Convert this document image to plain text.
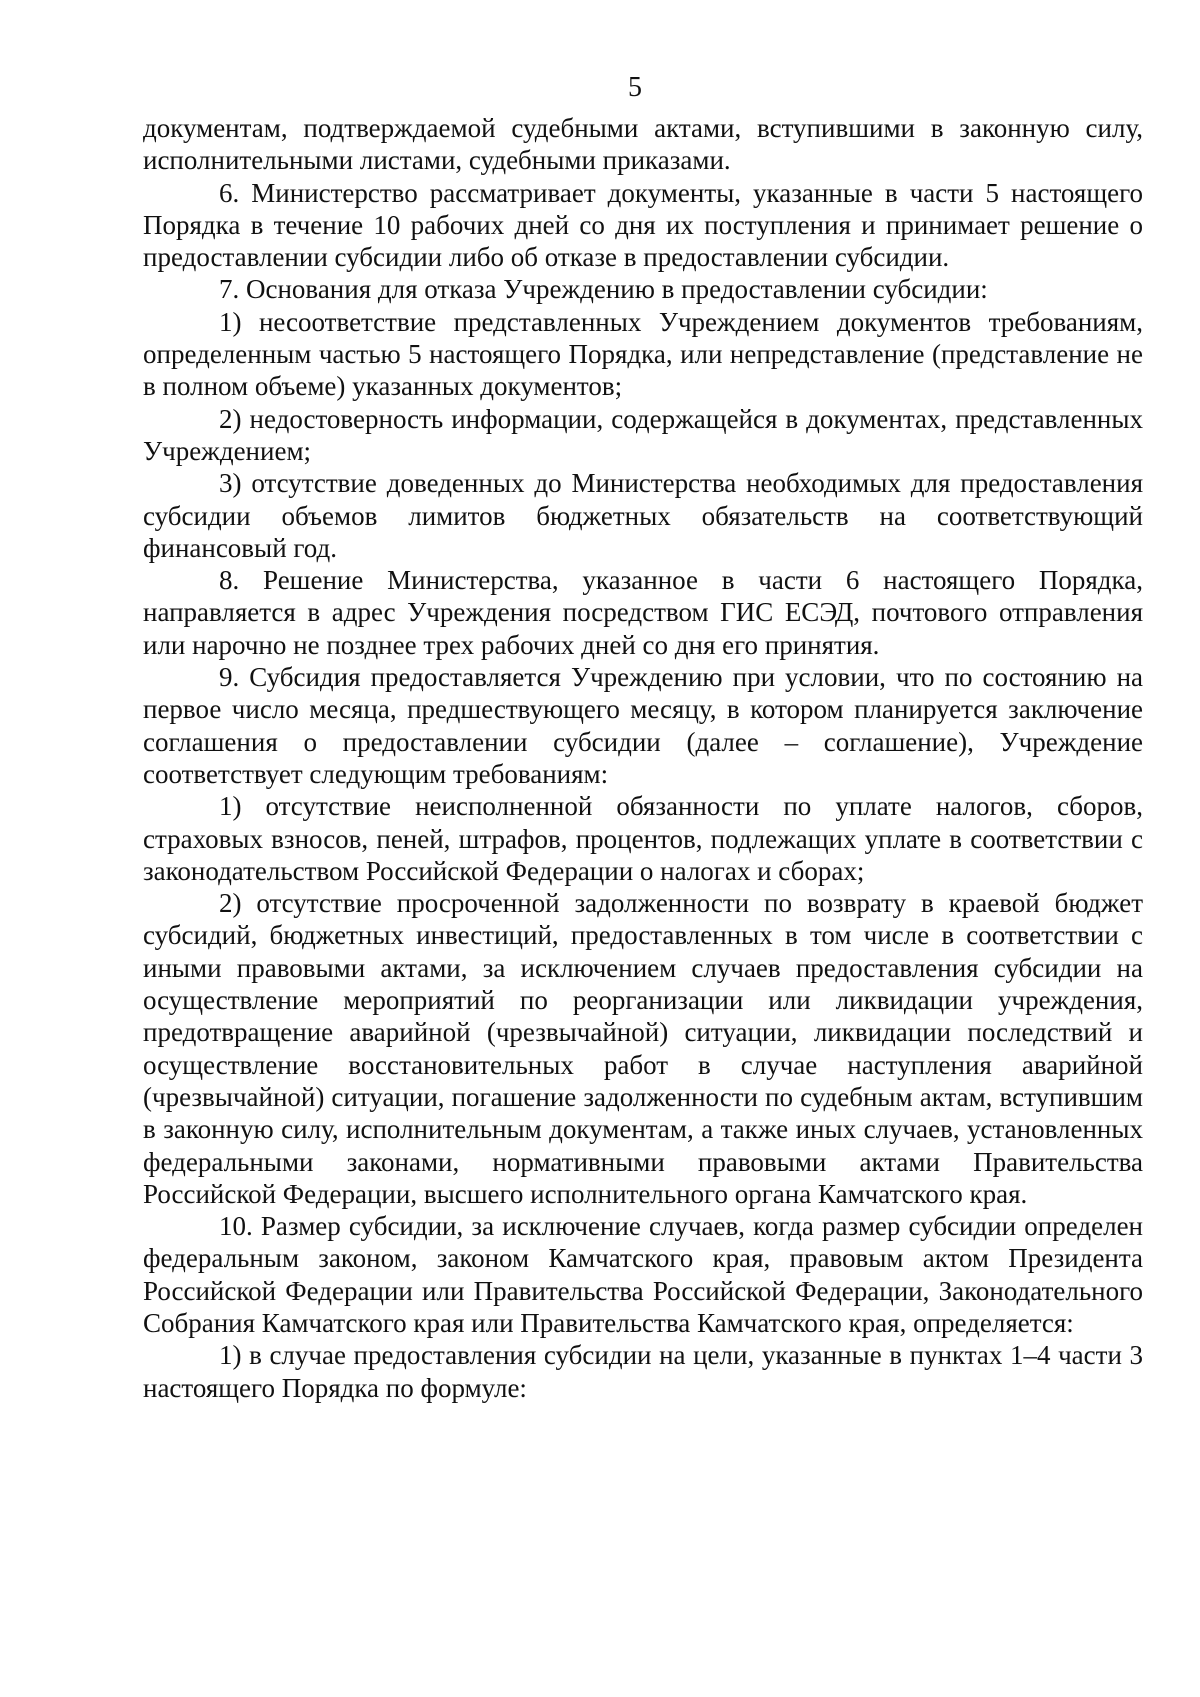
5

документам, подтверждаемой судебными актами, вступившими в законную силу, исполнительными листами, судебными приказами.

6. Министерство рассматривает документы, указанные в части 5 настоящего Порядка в течение 10 рабочих дней со дня их поступления и принимает решение о предоставлении субсидии либо об отказе в предоставлении субсидии.

7. Основания для отказа Учреждению в предоставлении субсидии:

1) несоответствие представленных Учреждением документов требованиям, определенным частью 5 настоящего Порядка, или непредставление (представление не в полном объеме) указанных документов;

2) недостоверность информации, содержащейся в документах, представленных Учреждением;

3) отсутствие доведенных до Министерства необходимых для предоставления субсидии объемов лимитов бюджетных обязательств на соответствующий финансовый год.

8. Решение Министерства, указанное в части 6 настоящего Порядка, направляется в адрес Учреждения посредством ГИС ЕСЭД, почтового отправления или нарочно не позднее трех рабочих дней со дня его принятия.

9. Субсидия предоставляется Учреждению при условии, что по состоянию на первое число месяца, предшествующего месяцу, в котором планируется заключение соглашения о предоставлении субсидии (далее – соглашение), Учреждение соответствует следующим требованиям:

1) отсутствие неисполненной обязанности по уплате налогов, сборов, страховых взносов, пеней, штрафов, процентов, подлежащих уплате в соответствии с законодательством Российской Федерации о налогах и сборах;

2) отсутствие просроченной задолженности по возврату в краевой бюджет субсидий, бюджетных инвестиций, предоставленных в том числе в соответствии с иными правовыми актами, за исключением случаев предоставления субсидии на осуществление мероприятий по реорганизации или ликвидации учреждения, предотвращение аварийной (чрезвычайной) ситуации, ликвидации последствий и осуществление восстановительных работ в случае наступления аварийной (чрезвычайной) ситуации, погашение задолженности по судебным актам, вступившим в законную силу, исполнительным документам, а также иных случаев, установленных федеральными законами, нормативными правовыми актами Правительства Российской Федерации, высшего исполнительного органа Камчатского края.

10. Размер субсидии, за исключение случаев, когда размер субсидии определен федеральным законом, законом Камчатского края, правовым актом Президента Российской Федерации или Правительства Российской Федерации, Законодательного Собрания Камчатского края или Правительства Камчатского края, определяется:

1) в случае предоставления субсидии на цели, указанные в пунктах 1–4 части 3 настоящего Порядка по формуле:
